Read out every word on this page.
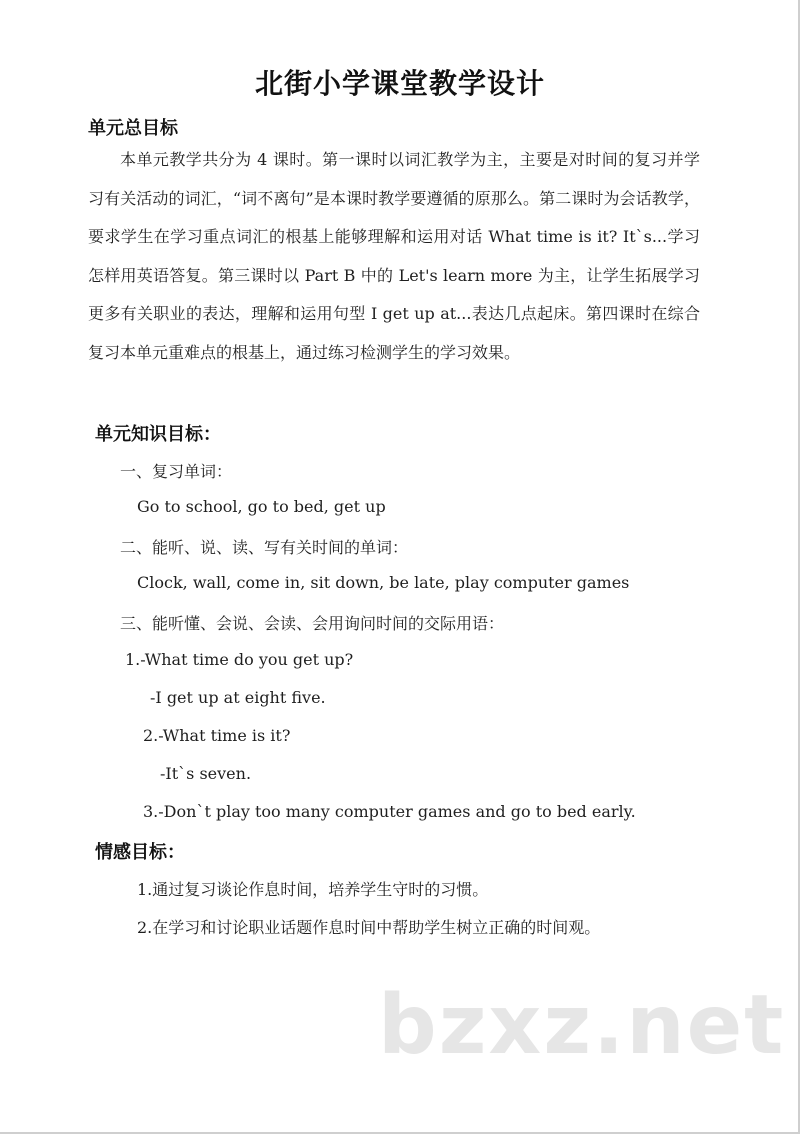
北街小学课堂教学设计
单元总目标
本单元教学共分为 4 课时。第一课时以词汇教学为主，主要是对时间的复习并学习有关活动的词汇，“词不离句”是本课时教学要遵循的原那么。第二课时为会话教学，要求学生在学习重点词汇的根基上能够理解和运用对话 What time is it? It`s...学习怎样用英语答复。第三课时以 Part B 中的 Let's learn more 为主，让学生拓展学习更多有关职业的表达，理解和运用句型 I get up at...表达几点起床。第四课时在综合复习本单元重难点的根基上，通过练习检测学生的学习效果。
单元知识目标：
一、复习单词：
Go to school, go to bed, get up
二、能听、说、读、写有关时间的单词：
Clock, wall, come in, sit down, be late, play computer games
三、能听懂、会说、会读、会用询问时间的交际用语：
1.-What time do you get up?
-I get up at eight five.
2.-What time is it?
-It`s seven.
3.-Don`t play too many computer games and go to bed early.
情感目标：
1.通过复习谈论作息时间，培养学生守时的习惯。
2.在学习和讨论职业话题作息时间中帮助学生树立正确的时间观。
bzxz.net
